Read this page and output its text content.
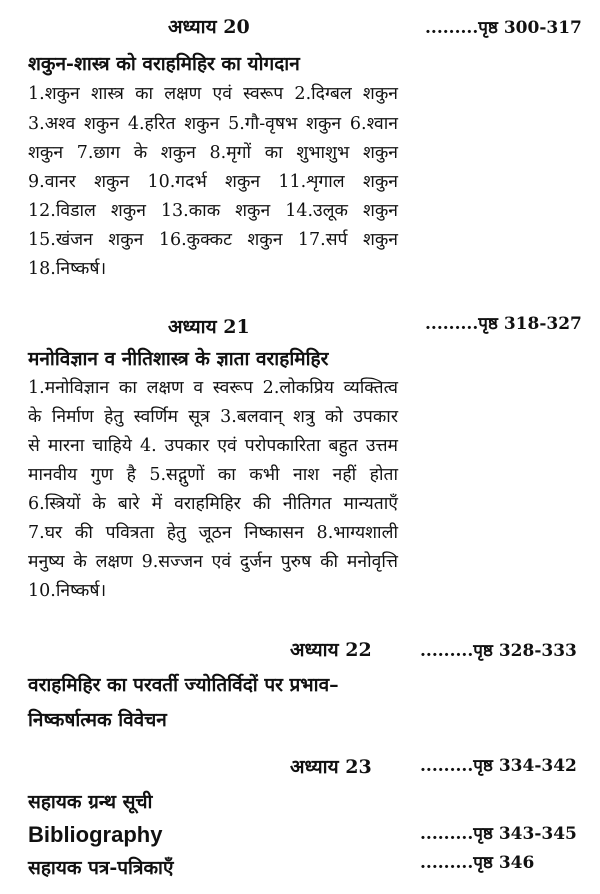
अध्याय 20	.........पृष्ठ 300-317
शकुन-शास्त्र को वराहमिहिर का योगदान
1.शकुन शास्त्र का लक्षण एवं स्वरूप 2.दिग्बल शकुन
3.अश्व शकुन 4.हरित शकुन 5.गौ-वृषभ शकुन 6.श्वान
शकुन 7.छाग के शकुन 8.मृगों का शुभाशुभ शकुन
9.वानर शकुन 10.गदर्भ शकुन 11.शृगाल शकुन
12.विडाल शकुन 13.काक शकुन 14.उलूक शकुन
15.खंजन शकुन 16.कुक्कट शकुन 17.सर्प शकुन
18.निष्कर्ष।
अध्याय 21	.........पृष्ठ 318-327
मनोविज्ञान व नीतिशास्त्र के ज्ञाता वराहमिहिर
1.मनोविज्ञान का लक्षण व स्वरूप 2.लोकप्रिय व्यक्तित्व
के निर्माण हेतु स्वर्णिम सूत्र 3.बलवान् शत्रु को उपकार
से मारना चाहिये 4. उपकार एवं परोपकारिता बहुत उत्तम
मानवीय गुण है 5.सद्गुणों का कभी नाश नहीं होता
6.स्त्रियों के बारे में वराहमिहिर की नीतिगत मान्यताएँ
7.घर की पवित्रता हेतु जूठन निष्कासन 8.भाग्यशाली
मनुष्य के लक्षण 9.सज्जन एवं दुर्जन पुरुष की मनोवृत्ति
10.निष्कर्ष।
अध्याय 22	.........पृष्ठ 328-333
वराहमिहिर का परवर्ती ज्योतिर्विदों पर प्रभाव–
निष्कर्षात्मक विवेचन
अध्याय 23	.........पृष्ठ 334-342
सहायक ग्रन्थ सूची
Bibliography	.........पृष्ठ 343-345
सहायक पत्र-पत्रिकाएँ	.........पृष्ठ 346
